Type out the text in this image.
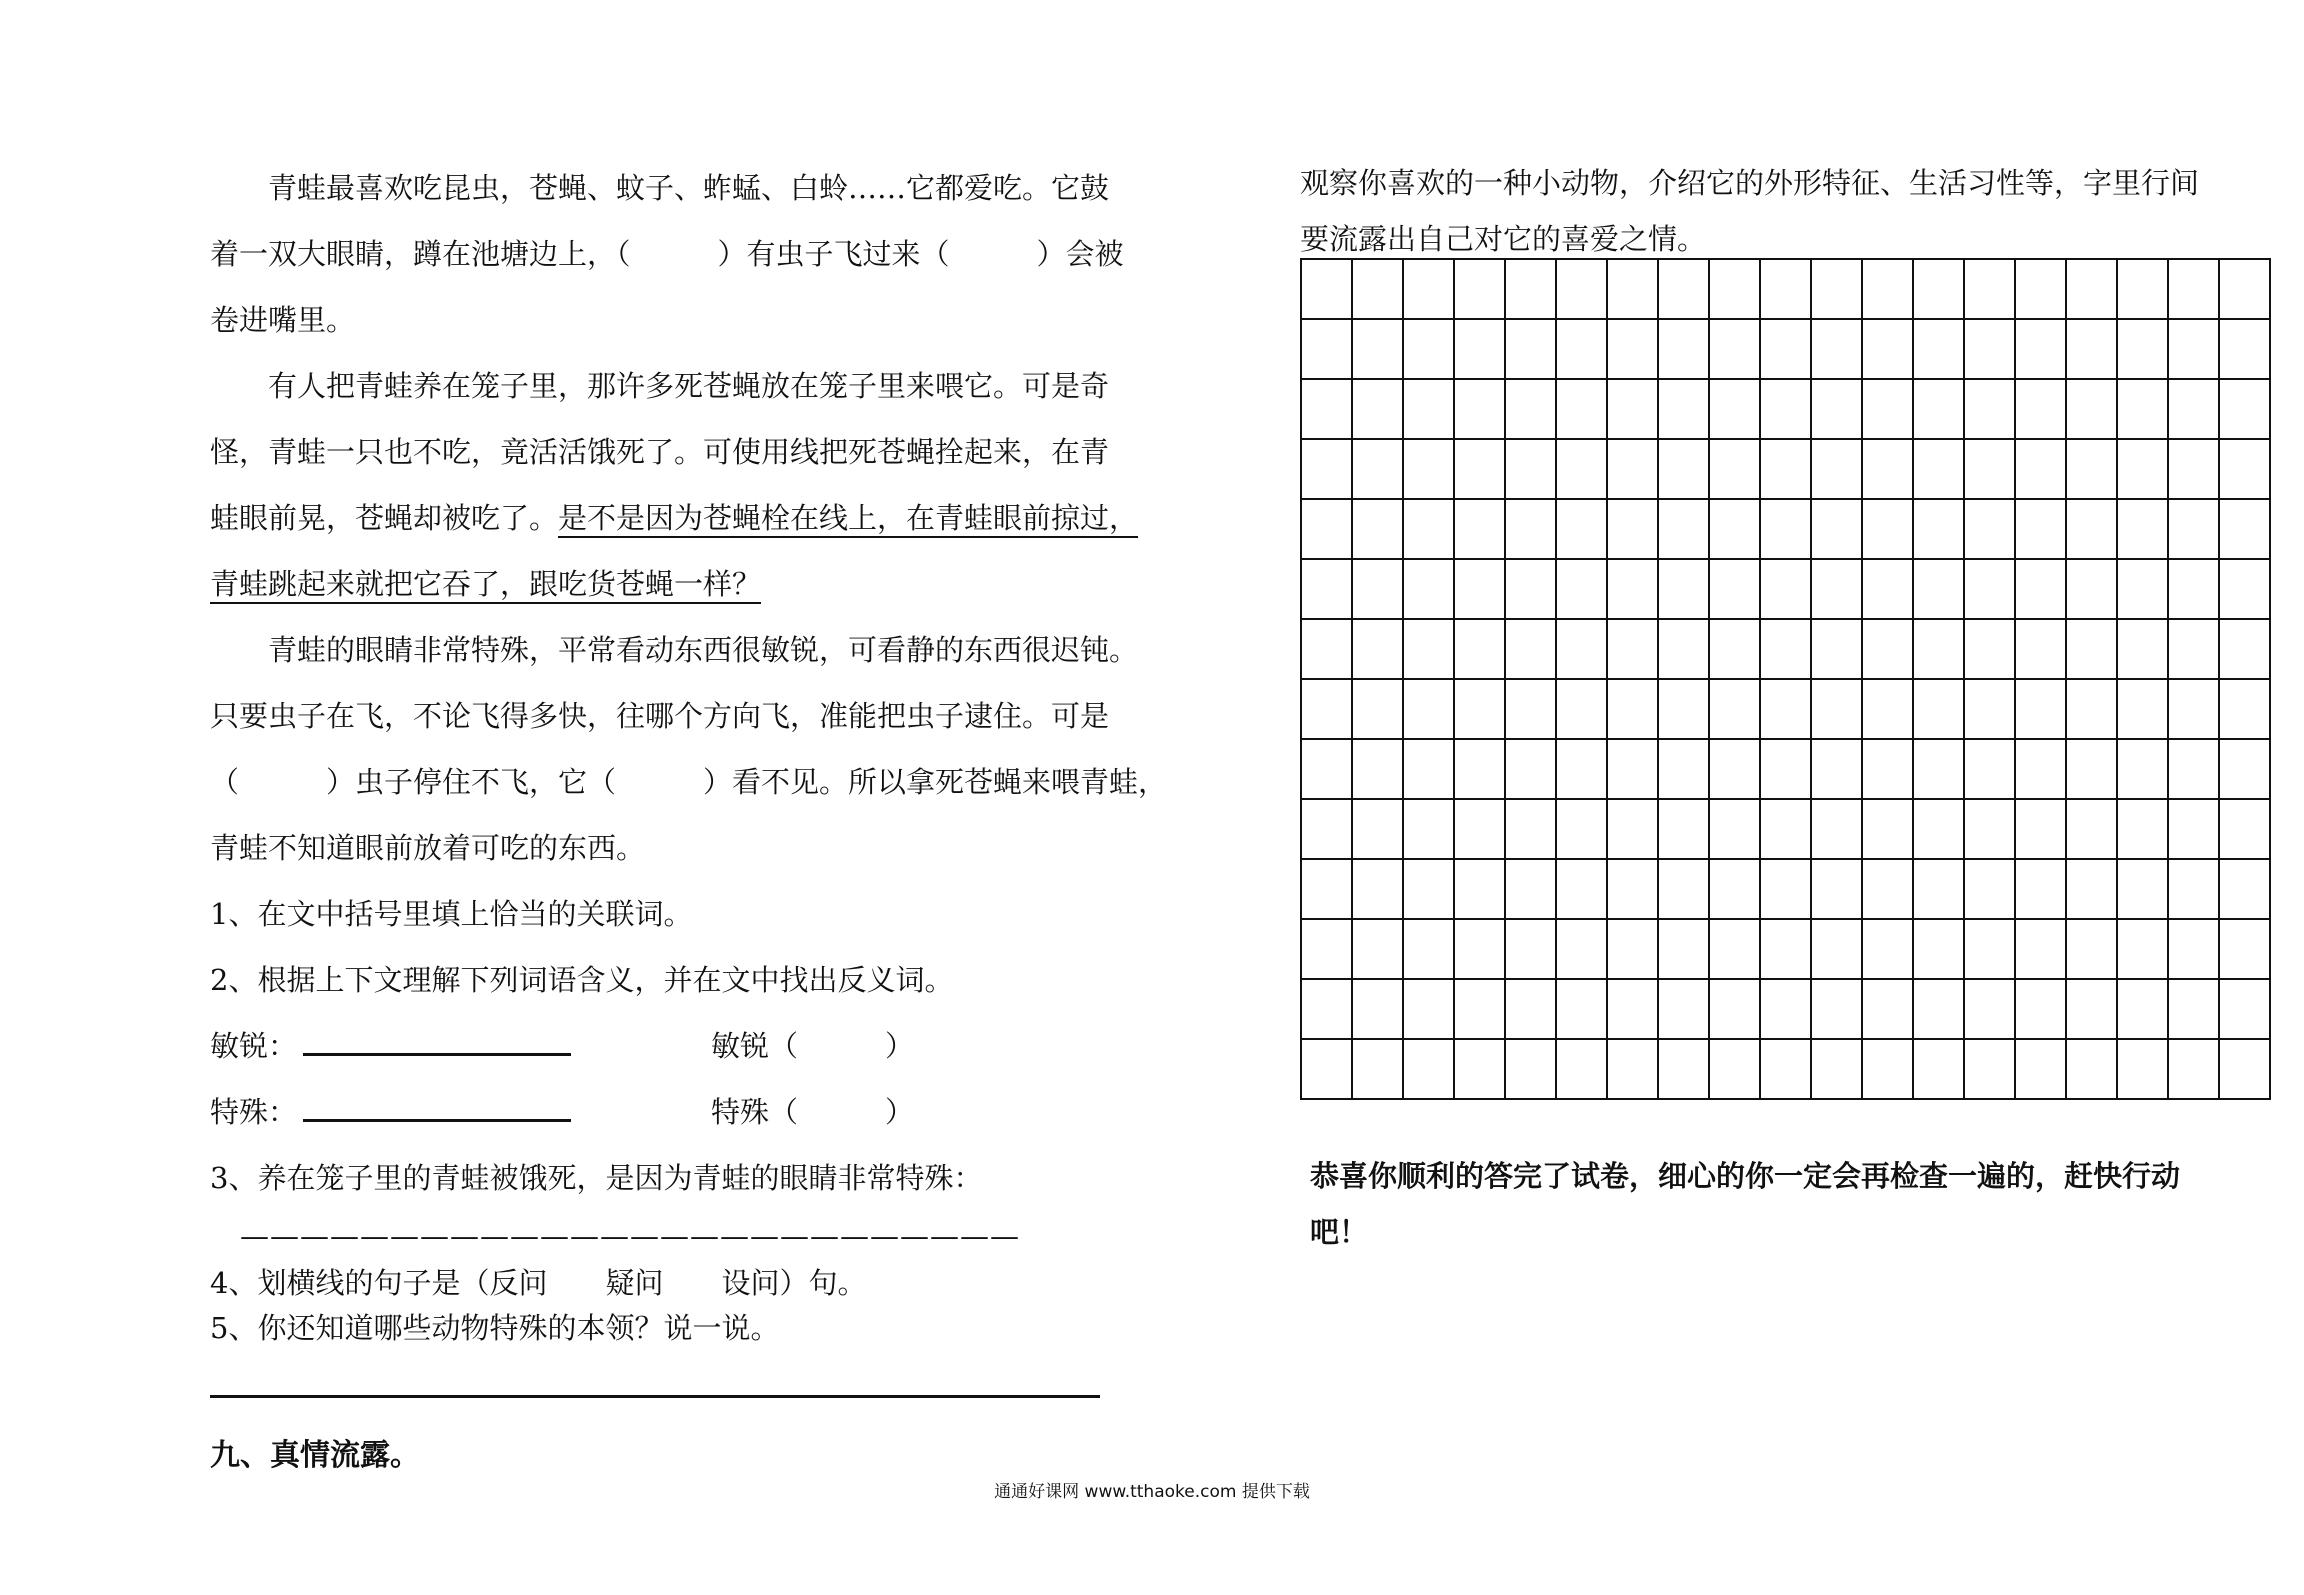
青蛙最喜欢吃昆虫，苍蝇、蚊子、蚱蜢、白蛉……它都爱吃。它鼓
着一双大眼睛，蹲在池塘边上，（　　　）有虫子飞过来（　　　）会被
卷进嘴里。
有人把青蛙养在笼子里，那许多死苍蝇放在笼子里来喂它。可是奇
怪，青蛙一只也不吃，竟活活饿死了。可使用线把死苍蝇拴起来，在青
蛙眼前晃，苍蝇却被吃了。是不是因为苍蝇栓在线上，在青蛙眼前掠过，
青蛙跳起来就把它吞了，跟吃货苍蝇一样？
青蛙的眼睛非常特殊，平常看动东西很敏锐，可看静的东西很迟钝。
只要虫子在飞，不论飞得多快，往哪个方向飞，准能把虫子逮住。可是
（　　　）虫子停住不飞，它（　　　）看不见。所以拿死苍蝇来喂青蛙，
青蛙不知道眼前放着可吃的东西。
1、在文中括号里填上恰当的关联词。
2、根据上下文理解下列词语含义，并在文中找出反义词。
敏锐：	敏锐（　　　）
特殊：	特殊（　　　）
3、养在笼子里的青蛙被饿死，是因为青蛙的眼睛非常特殊：
——————————————————————————
4、划横线的句子是（反问　　疑问　　设问）句。
5、你还知道哪些动物特殊的本领？说一说。
九、真情流露。
观察你喜欢的一种小动物，介绍它的外形特征、生活习性等，字里行间
要流露出自己对它的喜爱之情。
恭喜你顺利的答完了试卷，细心的你一定会再检查一遍的，赶快行动
吧！
通通好课网 www.tthaoke.com 提供下载
